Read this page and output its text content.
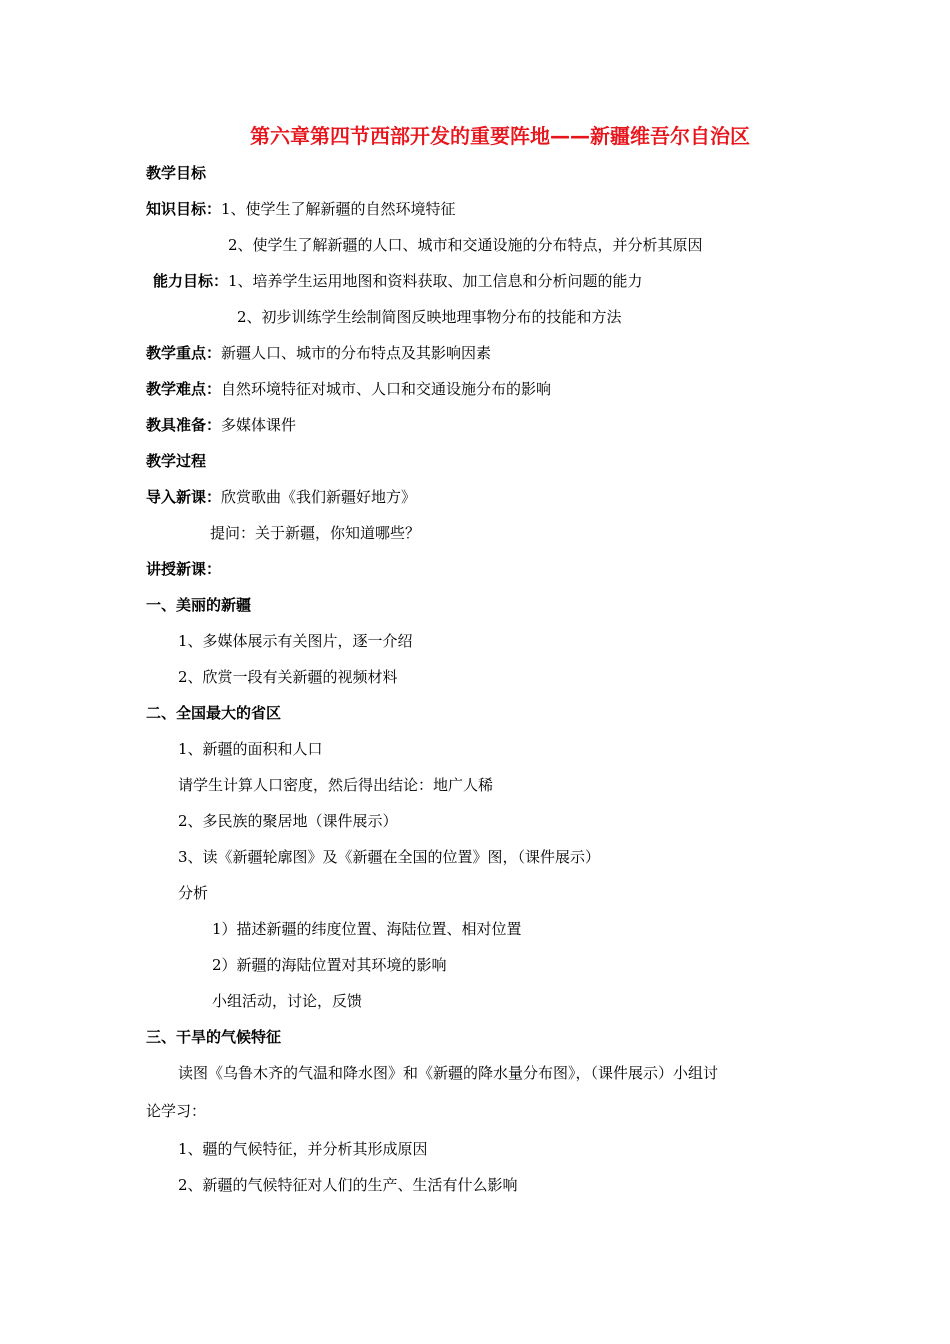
第六章第四节西部开发的重要阵地——新疆维吾尔自治区
教学目标
知识目标：1、使学生了解新疆的自然环境特征
2、使学生了解新疆的人口、城市和交通设施的分布特点，并分析其原因
能力目标：1、培养学生运用地图和资料获取、加工信息和分析问题的能力
2、初步训练学生绘制简图反映地理事物分布的技能和方法
教学重点：新疆人口、城市的分布特点及其影响因素
教学难点：自然环境特征对城市、人口和交通设施分布的影响
教具准备：多媒体课件
教学过程
导入新课：欣赏歌曲《我们新疆好地方》
提问：关于新疆，你知道哪些？
讲授新课：
一、美丽的新疆
1、多媒体展示有关图片，逐一介绍
2、欣赏一段有关新疆的视频材料
二、全国最大的省区
1、新疆的面积和人口
请学生计算人口密度，然后得出结论：地广人稀
2、多民族的聚居地（课件展示）
3、读《新疆轮廓图》及《新疆在全国的位置》图，（课件展示）
分析
1）描述新疆的纬度位置、海陆位置、相对位置
2）新疆的海陆位置对其环境的影响
小组活动，讨论，反馈
三、干旱的气候特征
读图《乌鲁木齐的气温和降水图》和《新疆的降水量分布图》，（课件展示）小组讨
论学习：
1、疆的气候特征，并分析其形成原因
2、新疆的气候特征对人们的生产、生活有什么影响
